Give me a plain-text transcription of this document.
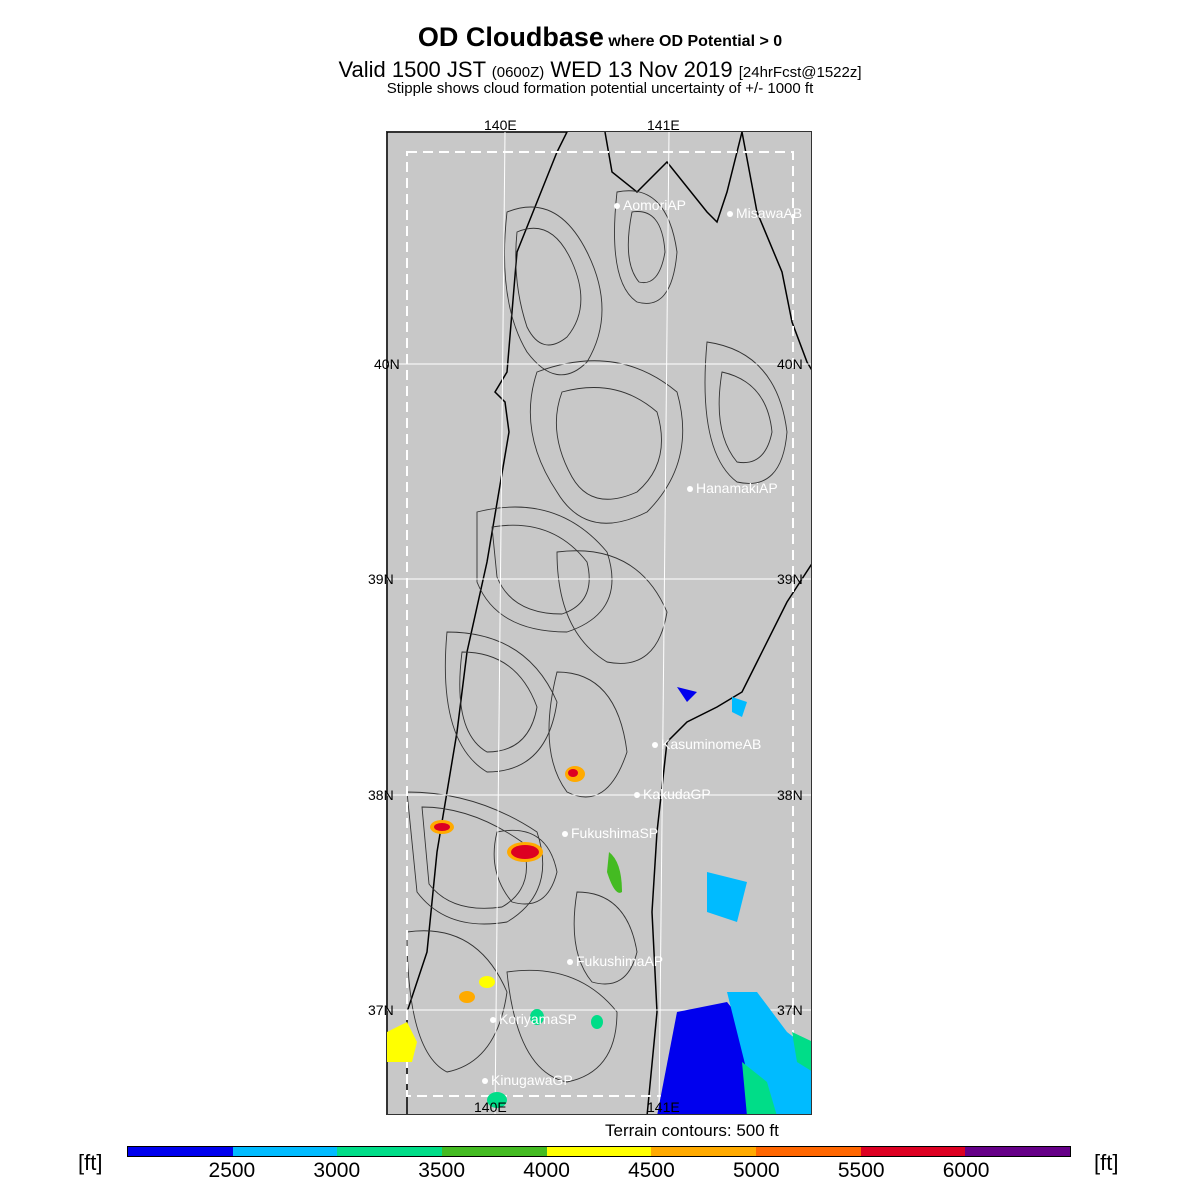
OD Cloudbase where OD Potential > 0
Valid 1500 JST (0600Z) WED 13 Nov 2019 [24hrFcst@1522z]
Stipple shows cloud formation potential uncertainty of +/- 1000 ft
140E	141E
140E	141E
40N
39N
38N
37N
40N
39N
38N
37N
AomoriAP	MisawaAB
HanamakiAP
KasuminomeAB
KakudaGP
FukushimaSP
FukushimaAP
KoriyamaSP
KinugawaGP
Terrain contours: 500 ft
[ft]	[ft]
2500	3000	3500	4000	4500	5000	5500	6000
